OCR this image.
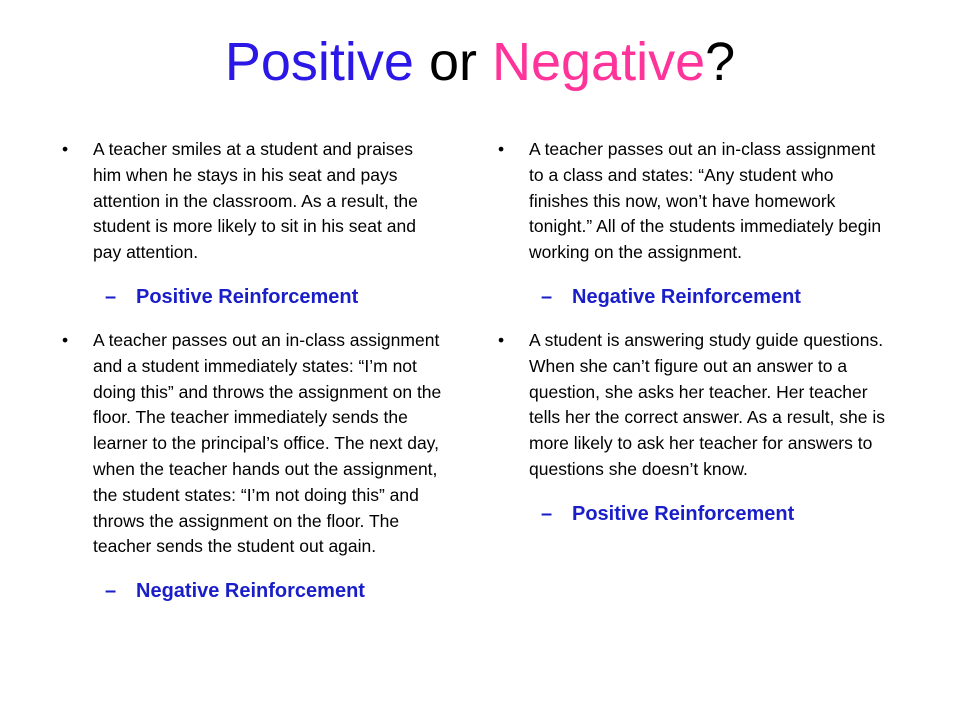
Positive or Negative?
• A teacher smiles at a student and praises him when he stays in his seat and pays attention in the classroom. As a result, the student is more likely to sit in his seat and pay attention.
– Positive Reinforcement
• A teacher passes out an in-class assignment and a student immediately states: “I’m not doing this” and throws the assignment on the floor. The teacher immediately sends the learner to the principal’s office. The next day, when the teacher hands out the assignment, the student states: “I’m not doing this” and throws the assignment on the floor. The teacher sends the student out again.
– Negative Reinforcement
• A teacher passes out an in-class assignment to a class and states: “Any student who finishes this now, won’t have homework tonight.” All of the students immediately begin working on the assignment.
– Negative Reinforcement
• A student is answering study guide questions. When she can’t figure out an answer to a question, she asks her teacher. Her teacher tells her the correct answer. As a result, she is more likely to ask her teacher for answers to questions she doesn’t know.
– Positive Reinforcement
